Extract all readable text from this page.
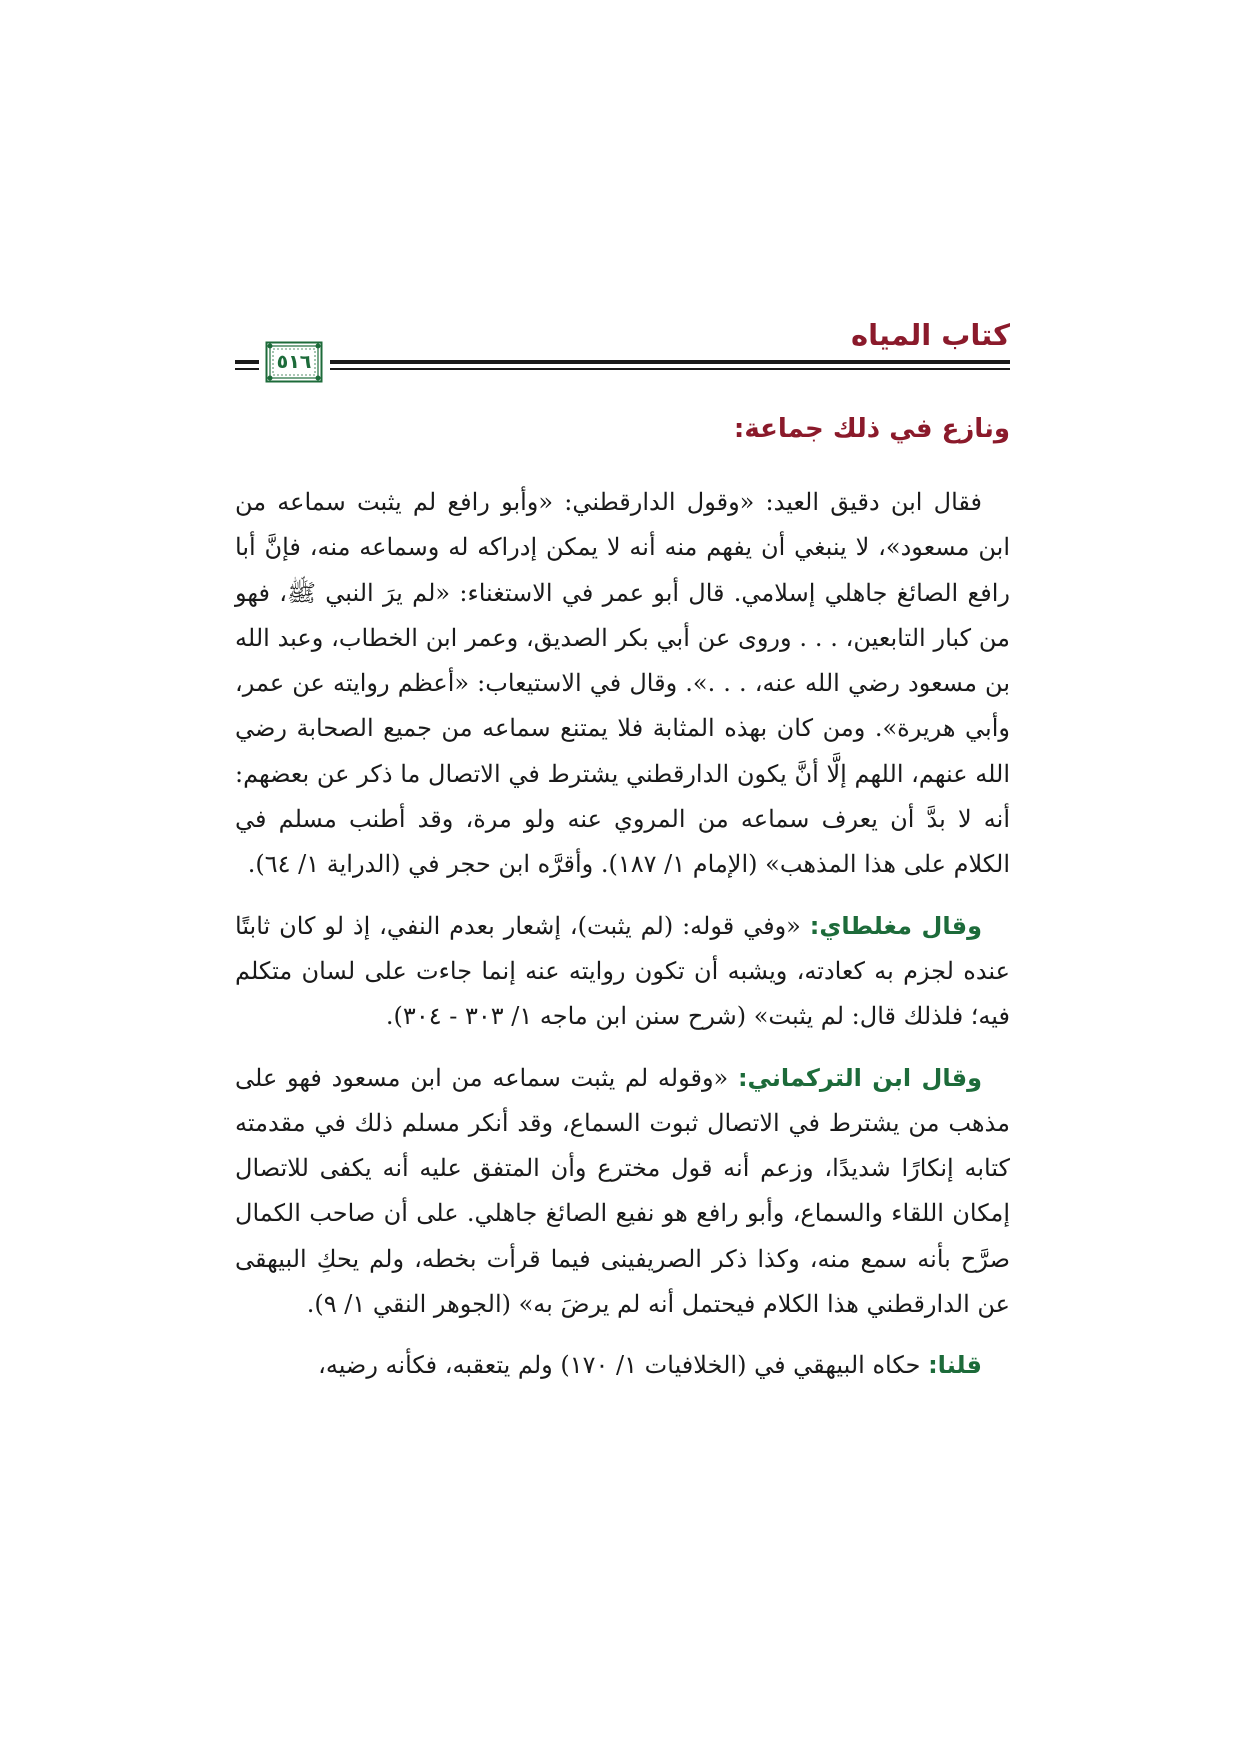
كتاب المياه
٥١٦
ونازع في ذلك جماعة:

فقال ابن دقيق العيد: «وقول الدارقطني: «وأبو رافع لم يثبت سماعه من ابن مسعود»، لا ينبغي أن يفهم منه أنه لا يمكن إدراكه له وسماعه منه، فإنَّ أبا رافع الصائغ جاهلي إسلامي. قال أبو عمر في الاستغناء: «لم يرَ النبي ﷺ، فهو من كبار التابعين، . . . وروى عن أبي بكر الصديق، وعمر ابن الخطاب، وعبد الله بن مسعود رضي الله عنه، . . .». وقال في الاستيعاب: «أعظم روايته عن عمر، وأبي هريرة». ومن كان بهذه المثابة فلا يمتنع سماعه من جميع الصحابة رضي الله عنهم، اللهم إلَّا أنَّ يكون الدارقطني يشترط في الاتصال ما ذكر عن بعضهم: أنه لا بدَّ أن يعرف سماعه من المروي عنه ولو مرة، وقد أطنب مسلم في الكلام على هذا المذهب» (الإمام ١/ ١٨٧). وأقرَّه ابن حجر في (الدراية ١/ ٦٤).

وقال مغلطاي: «وفي قوله: (لم يثبت)، إشعار بعدم النفي، إذ لو كان ثابتًا عنده لجزم به كعادته، ويشبه أن تكون روايته عنه إنما جاءت على لسان متكلم فيه؛ فلذلك قال: لم يثبت» (شرح سنن ابن ماجه ١/ ٣٠٣ - ٣٠٤).

وقال ابن التركماني: «وقوله لم يثبت سماعه من ابن مسعود فهو على مذهب من يشترط في الاتصال ثبوت السماع، وقد أنكر مسلم ذلك في مقدمته كتابه إنكارًا شديدًا، وزعم أنه قول مخترع وأن المتفق عليه أنه يكفى للاتصال إمكان اللقاء والسماع، وأبو رافع هو نفيع الصائغ جاهلي. على أن صاحب الكمال صرَّح بأنه سمع منه، وكذا ذكر الصريفينى فيما قرأت بخطه، ولم يحكِ البيهقى عن الدارقطني هذا الكلام فيحتمل أنه لم يرضَ به» (الجوهر النقي ١/ ٩).

قلنا: حكاه البيهقي في (الخلافيات ١/ ١٧٠) ولم يتعقبه، فكأنه رضيه،
